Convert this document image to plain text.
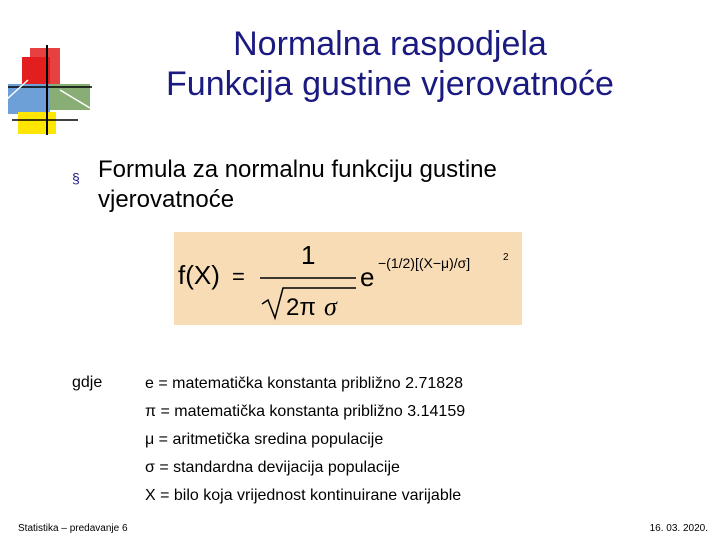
Normalna raspodjela
Funkcija gustine vjerovatnoće
§ Formula za normalnu funkciju gustine vjerovatnoće
f(X) =
1
2π σ
e −(1/2)[(X−μ)/σ]	2
gdje	e = matematička konstanta približno 2.71828
π = matematička konstanta približno 3.14159
μ = aritmetička sredina populacije
σ = standardna devijacija populacije
X = bilo koja vrijednost kontinuirane varijable
Statistika – predavanje 6	16. 03. 2020.
